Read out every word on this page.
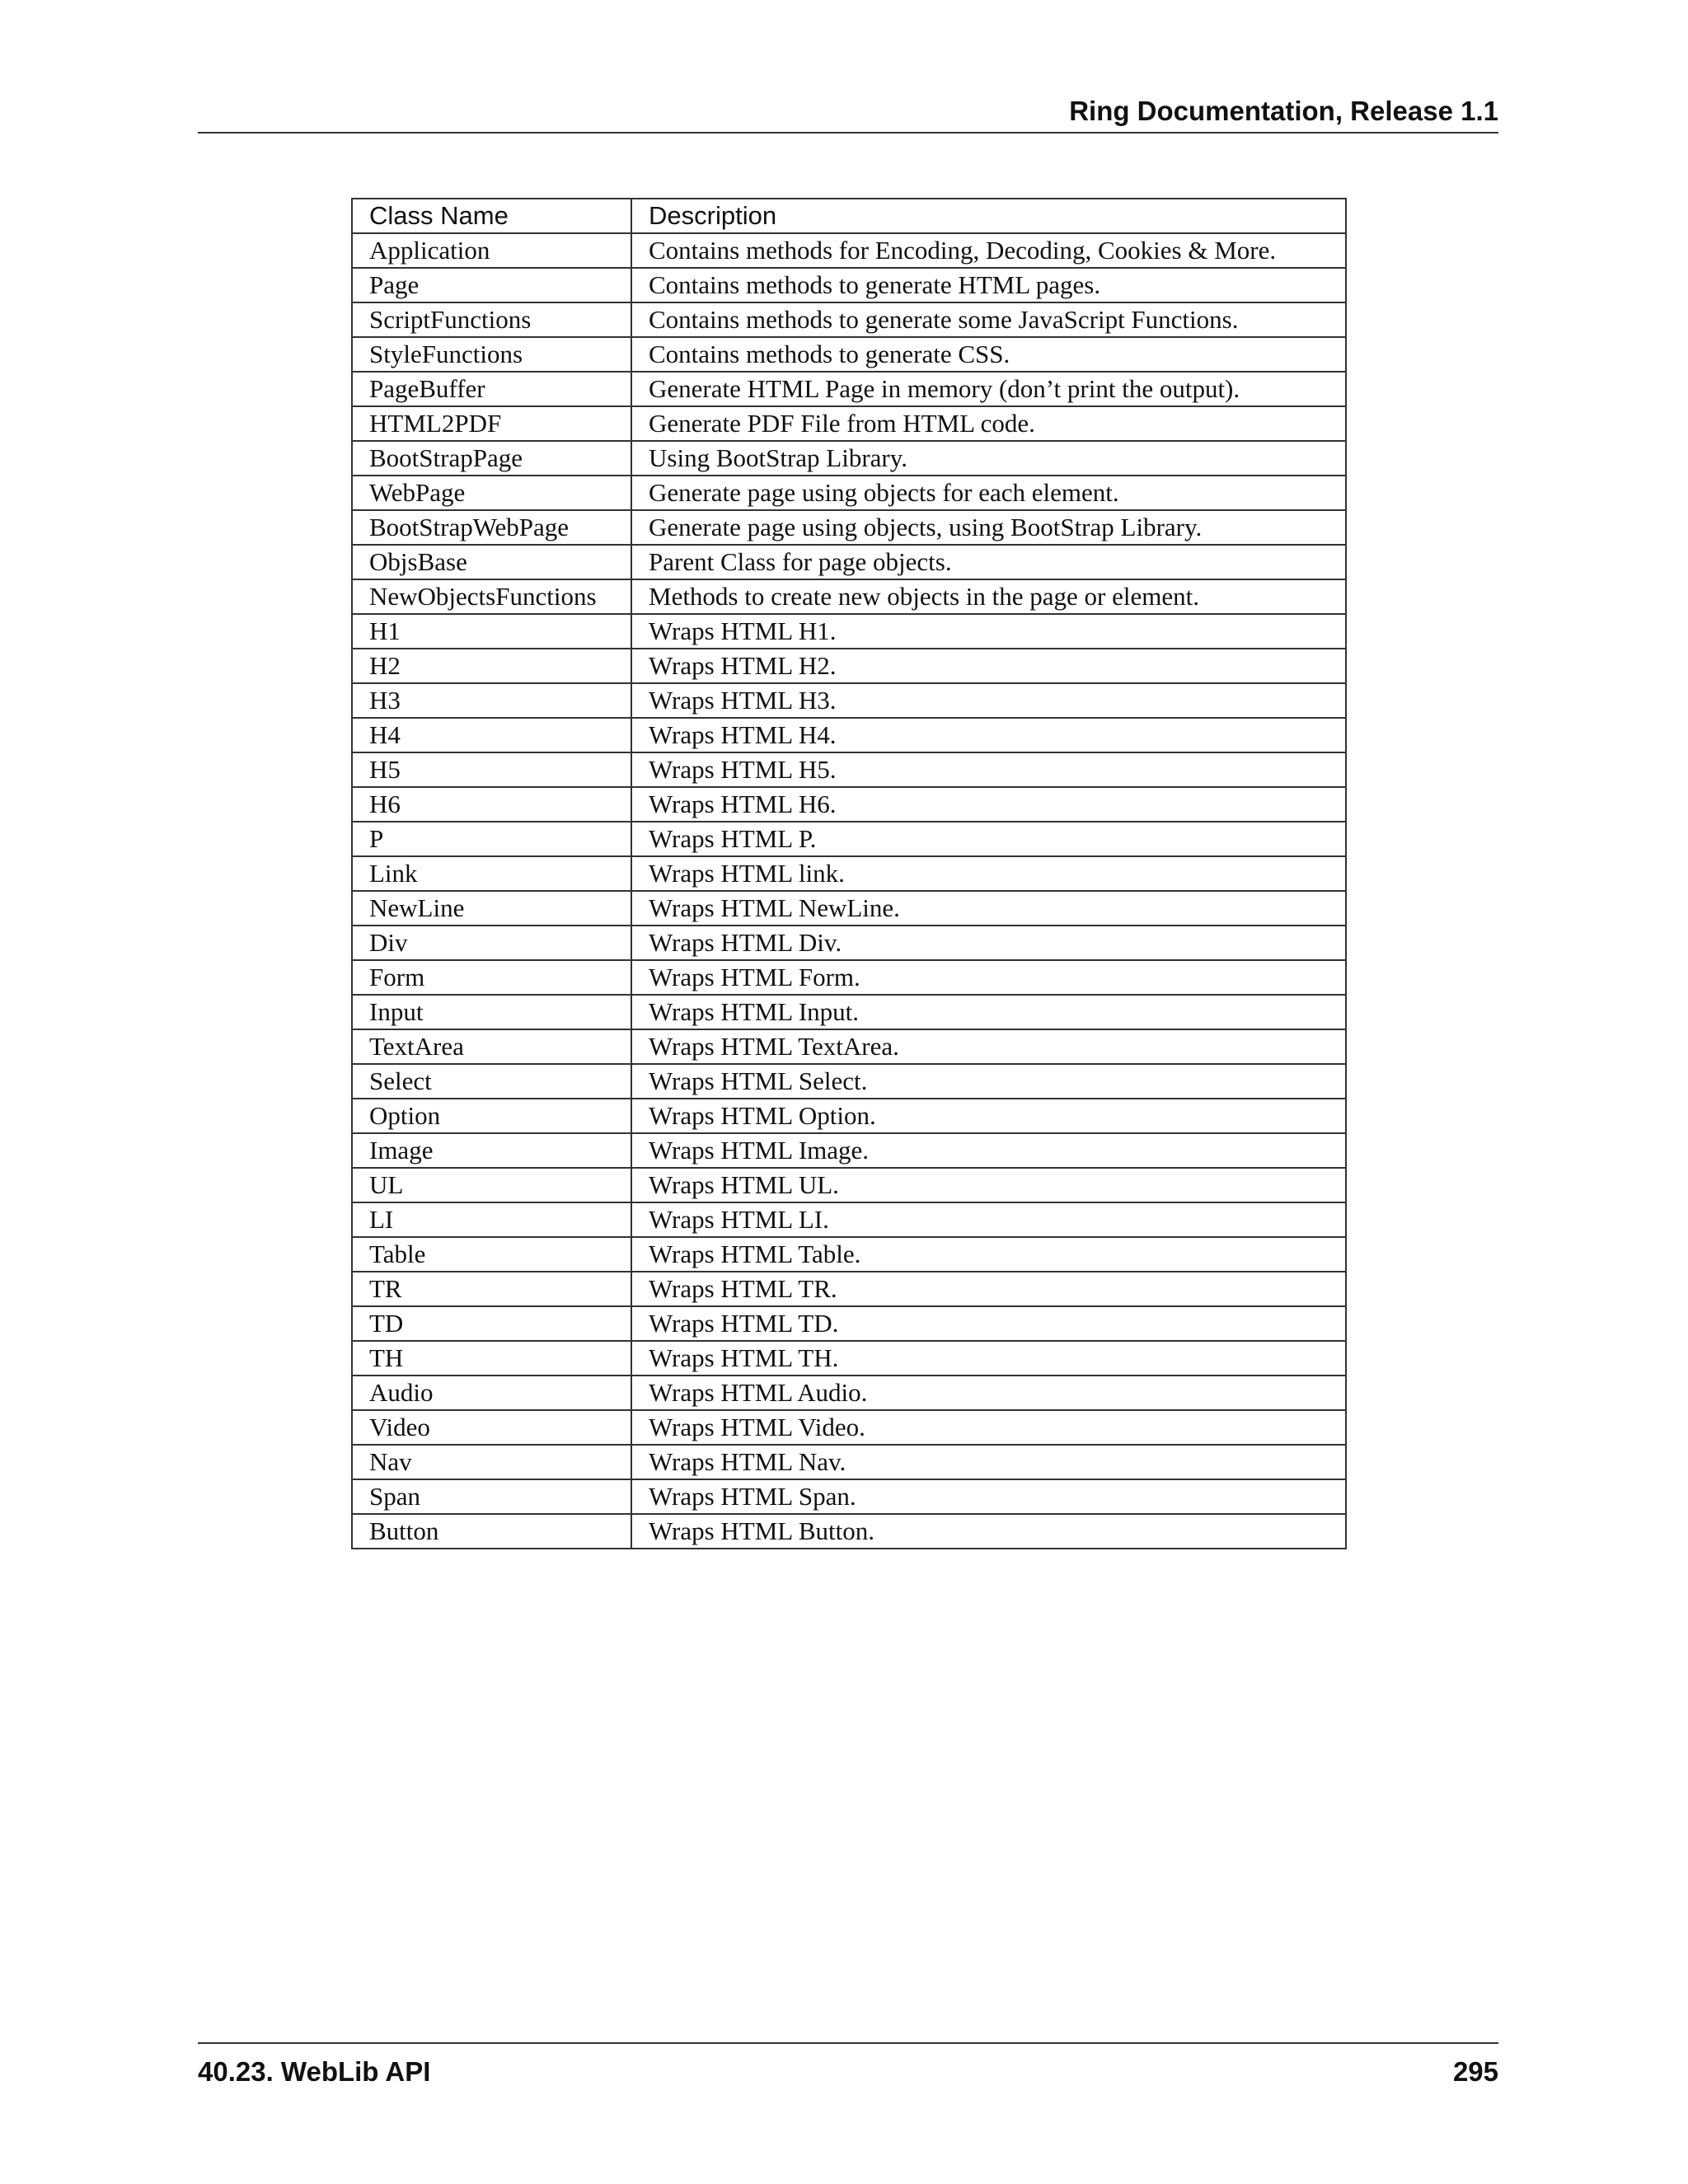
Ring Documentation, Release 1.1
Class Name	Description
Application	Contains methods for Encoding, Decoding, Cookies & More.
Page	Contains methods to generate HTML pages.
ScriptFunctions	Contains methods to generate some JavaScript Functions.
StyleFunctions	Contains methods to generate CSS.
PageBuffer	Generate HTML Page in memory (don’t print the output).
HTML2PDF	Generate PDF File from HTML code.
BootStrapPage	Using BootStrap Library.
WebPage	Generate page using objects for each element.
BootStrapWebPage	Generate page using objects, using BootStrap Library.
ObjsBase	Parent Class for page objects.
NewObjectsFunctions	Methods to create new objects in the page or element.
H1	Wraps HTML H1.
H2	Wraps HTML H2.
H3	Wraps HTML H3.
H4	Wraps HTML H4.
H5	Wraps HTML H5.
H6	Wraps HTML H6.
P	Wraps HTML P.
Link	Wraps HTML link.
NewLine	Wraps HTML NewLine.
Div	Wraps HTML Div.
Form	Wraps HTML Form.
Input	Wraps HTML Input.
TextArea	Wraps HTML TextArea.
Select	Wraps HTML Select.
Option	Wraps HTML Option.
Image	Wraps HTML Image.
UL	Wraps HTML UL.
LI	Wraps HTML LI.
Table	Wraps HTML Table.
TR	Wraps HTML TR.
TD	Wraps HTML TD.
TH	Wraps HTML TH.
Audio	Wraps HTML Audio.
Video	Wraps HTML Video.
Nav	Wraps HTML Nav.
Span	Wraps HTML Span.
Button	Wraps HTML Button.
40.23. WebLib API	295
